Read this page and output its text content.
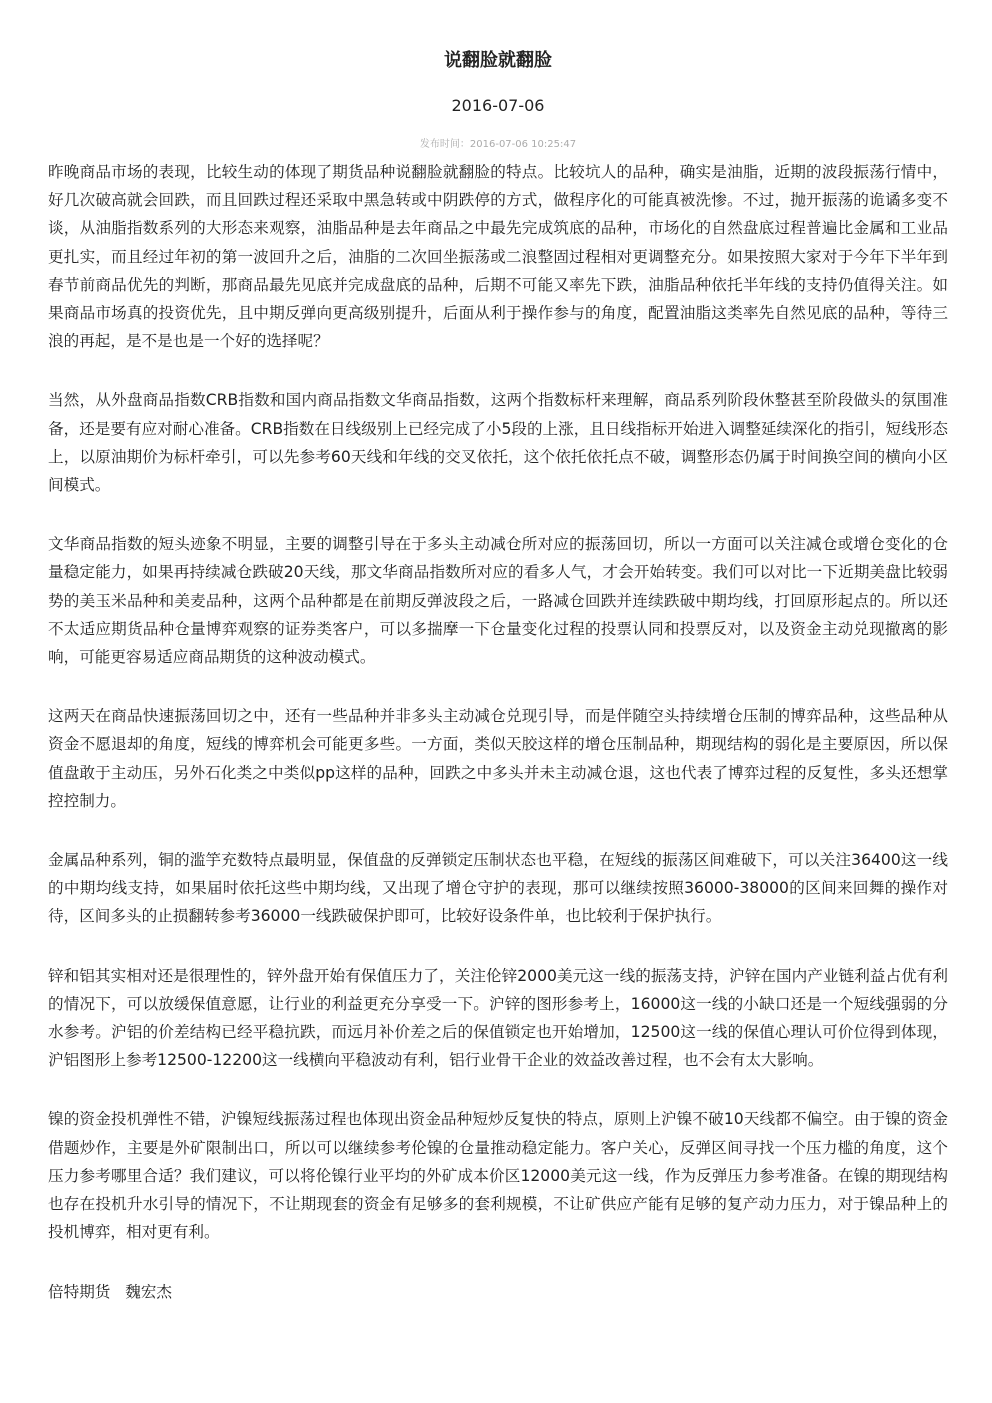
说翻脸就翻脸
2016-07-06
发布时间：2016-07-06 10:25:47

昨晚商品市场的表现，比较生动的体现了期货品种说翻脸就翻脸的特点。比较坑人的品种，确实是油脂，近期的波段振荡行情中，好几次破高就会回跌，而且回跌过程还采取中黑急转或中阴跌停的方式，做程序化的可能真被洗惨。不过，抛开振荡的诡谲多变不谈，从油脂指数系列的大形态来观察，油脂品种是去年商品之中最先完成筑底的品种，市场化的自然盘底过程普遍比金属和工业品更扎实，而且经过年初的第一波回升之后，油脂的二次回坐振荡或二浪整固过程相对更调整充分。如果按照大家对于今年下半年到春节前商品优先的判断，那商品最先见底并完成盘底的品种，后期不可能又率先下跌，油脂品种依托半年线的支持仍值得关注。如果商品市场真的投资优先，且中期反弹向更高级别提升，后面从利于操作参与的角度，配置油脂这类率先自然见底的品种，等待三浪的再起，是不是也是一个好的选择呢？

当然，从外盘商品指数CRB指数和国内商品指数文华商品指数，这两个指数标杆来理解，商品系列阶段休整甚至阶段做头的氛围准备，还是要有应对耐心准备。CRB指数在日线级别上已经完成了小5段的上涨，且日线指标开始进入调整延续深化的指引，短线形态上，以原油期价为标杆牵引，可以先参考60天线和年线的交叉依托，这个依托依托点不破，调整形态仍属于时间换空间的横向小区间模式。

文华商品指数的短头迹象不明显，主要的调整引导在于多头主动减仓所对应的振荡回切，所以一方面可以关注减仓或增仓变化的仓量稳定能力，如果再持续减仓跌破20天线，那文华商品指数所对应的看多人气，才会开始转变。我们可以对比一下近期美盘比较弱势的美玉米品种和美麦品种，这两个品种都是在前期反弹波段之后，一路减仓回跌并连续跌破中期均线，打回原形起点的。所以还不太适应期货品种仓量博弈观察的证券类客户，可以多揣摩一下仓量变化过程的投票认同和投票反对，以及资金主动兑现撤离的影响，可能更容易适应商品期货的这种波动模式。

这两天在商品快速振荡回切之中，还有一些品种并非多头主动减仓兑现引导，而是伴随空头持续增仓压制的博弈品种，这些品种从资金不愿退却的角度，短线的博弈机会可能更多些。一方面，类似天胶这样的增仓压制品种，期现结构的弱化是主要原因，所以保值盘敢于主动压，另外石化类之中类似pp这样的品种，回跌之中多头并未主动减仓退，这也代表了博弈过程的反复性，多头还想掌控控制力。

金属品种系列，铜的滥竽充数特点最明显，保值盘的反弹锁定压制状态也平稳，在短线的振荡区间难破下，可以关注36400这一线的中期均线支持，如果届时依托这些中期均线，又出现了增仓守护的表现，那可以继续按照36000-38000的区间来回舞的操作对待，区间多头的止损翻转参考36000一线跌破保护即可，比较好设条件单，也比较利于保护执行。

锌和铝其实相对还是很理性的，锌外盘开始有保值压力了，关注伦锌2000美元这一线的振荡支持，沪锌在国内产业链利益占优有利的情况下，可以放缓保值意愿，让行业的利益更充分享受一下。沪锌的图形参考上，16000这一线的小缺口还是一个短线强弱的分水参考。沪铝的价差结构已经平稳抗跌，而远月补价差之后的保值锁定也开始增加，12500这一线的保值心理认可价位得到体现，沪铝图形上参考12500-12200这一线横向平稳波动有利，铝行业骨干企业的效益改善过程，也不会有太大影响。

镍的资金投机弹性不错，沪镍短线振荡过程也体现出资金品种短炒反复快的特点，原则上沪镍不破10天线都不偏空。由于镍的资金借题炒作，主要是外矿限制出口，所以可以继续参考伦镍的仓量推动稳定能力。客户关心，反弹区间寻找一个压力槛的角度，这个压力参考哪里合适？我们建议，可以将伦镍行业平均的外矿成本价区12000美元这一线，作为反弹压力参考准备。在镍的期现结构也存在投机升水引导的情况下，不让期现套的资金有足够多的套利规模，不让矿供应产能有足够的复产动力压力，对于镍品种上的投机博弈，相对更有利。

倍特期货   魏宏杰
